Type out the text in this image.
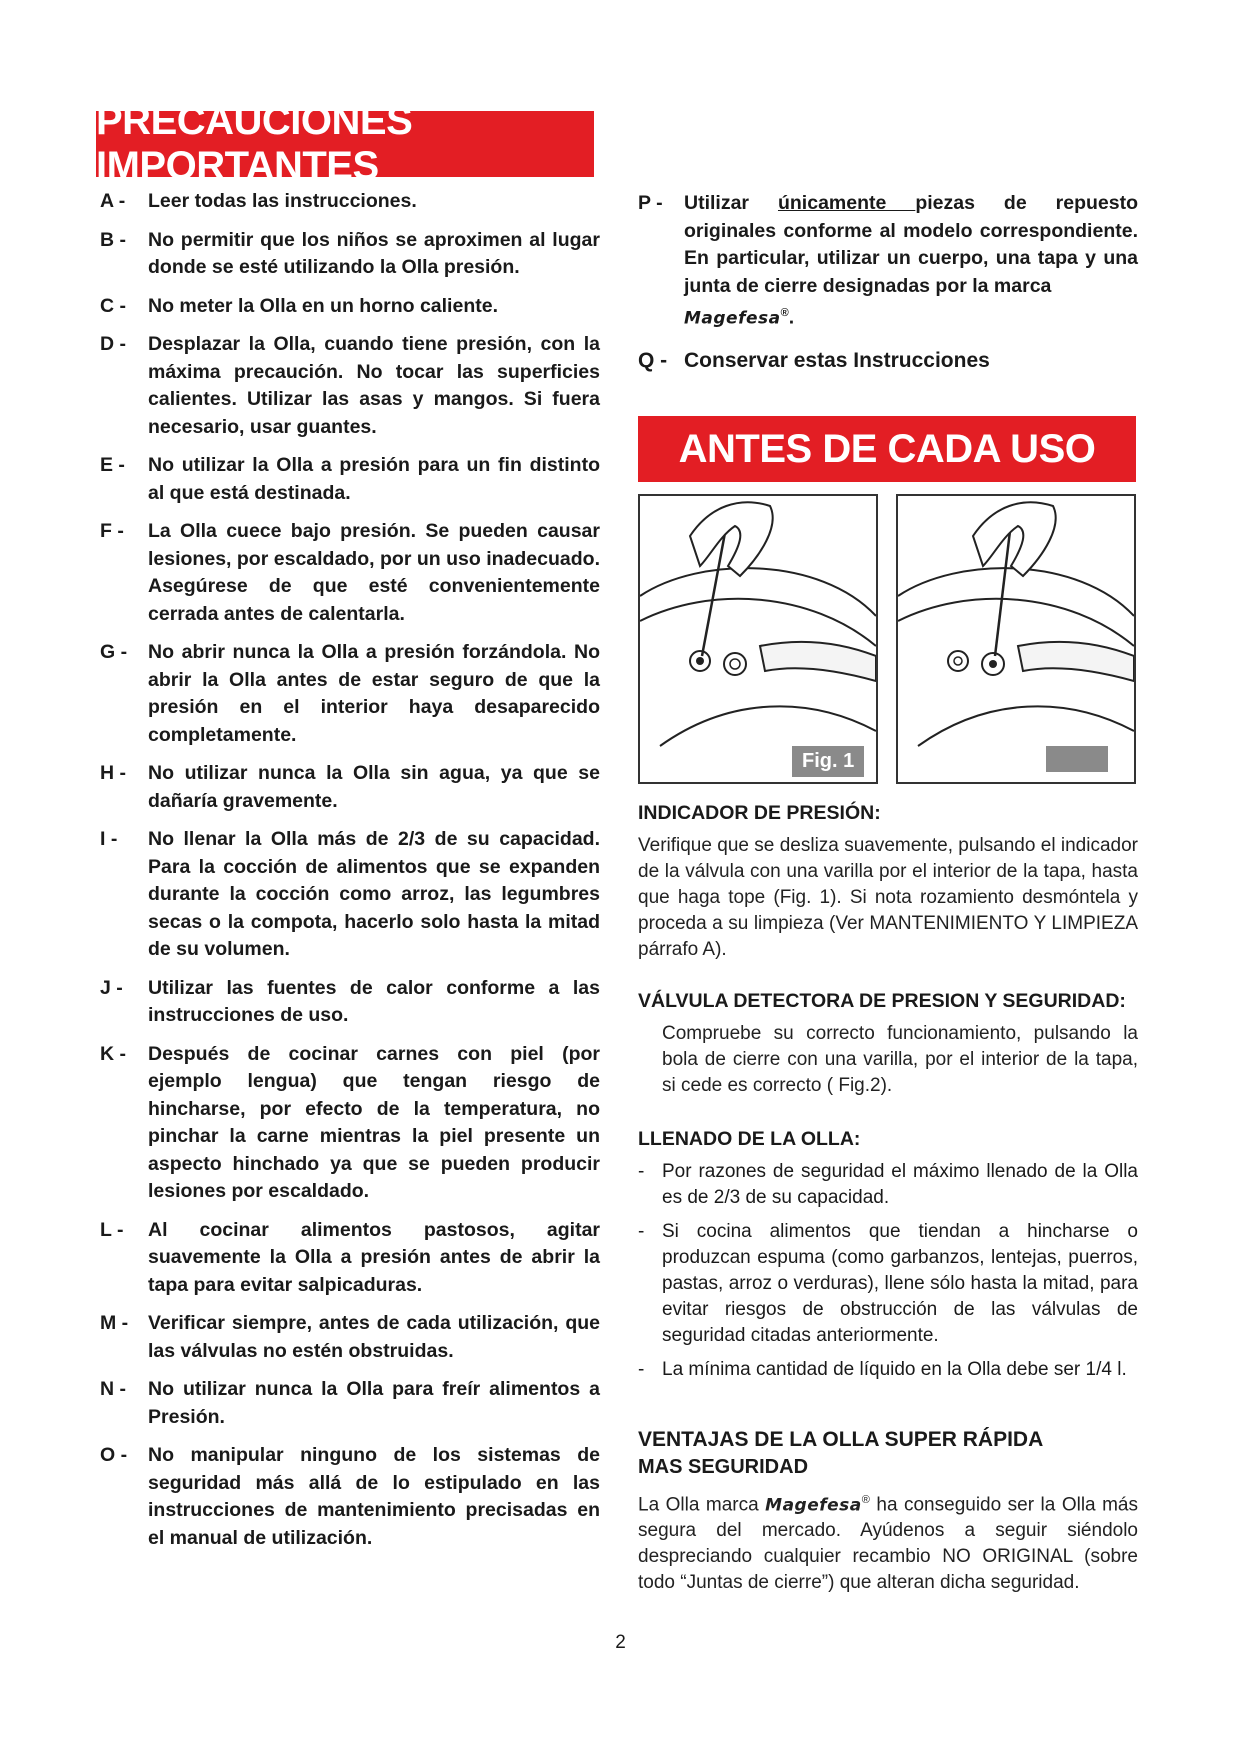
PRECAUCIONES IMPORTANTES
A -	Leer todas las instrucciones.
B -	No permitir que los niños se aproximen al lugar donde se esté utilizando la Olla presión.
C -	No meter la Olla en un horno caliente.
D -	Desplazar la Olla, cuando tiene presión, con la máxima precaución. No tocar las superficies calientes. Utilizar las asas y mangos. Si fuera necesario, usar guantes.
E -	No utilizar la Olla a presión para un fin distinto al que está destinada.
F -	La Olla cuece bajo presión. Se pueden causar lesiones, por escaldado, por un uso inadecuado. Asegúrese de que esté convenientemente cerrada antes de calentarla.
G -	No abrir nunca la Olla a presión forzándola. No abrir la Olla antes de estar seguro de que la presión en el interior haya desaparecido completamente.
H -	No utilizar nunca la Olla sin agua, ya que se dañaría gravemente.
I -	No llenar la Olla más de 2/3 de su capacidad. Para la cocción de alimentos que se expanden durante la cocción como arroz, las legumbres secas o la compota, hacerlo solo hasta la mitad de su volumen.
J -	Utilizar las fuentes de calor conforme a las instrucciones de uso.
K -	Después de cocinar carnes con piel (por ejemplo lengua) que tengan riesgo de hincharse, por efecto de la temperatura, no pinchar la carne mientras la piel presente un aspecto hinchado ya que se pueden producir lesiones por escaldado.
L -	Al cocinar alimentos pastosos, agitar suavemente la Olla a presión antes de abrir la tapa para evitar salpicaduras.
M -	Verificar siempre, antes de cada utilización, que las válvulas no estén obstruidas.
N -	No utilizar nunca la Olla para freír alimentos a Presión.
O -	No manipular ninguno de los sistemas de seguridad más allá de lo estipulado en las instrucciones de mantenimiento precisadas en el manual de utilización.
P -	Utilizar únicamente piezas de repuesto originales conforme al modelo correspondiente. En particular, utilizar un cuerpo, una tapa y una junta de cierre designadas por la marca
Magefesa®.
Q - Conservar estas Instrucciones
ANTES DE CADA USO
Fig. 1
INDICADOR DE PRESIÓN:
Verifique que se desliza suavemente, pulsando el indicador de la válvula con una varilla por el interior de la tapa, hasta que haga tope (Fig. 1). Si nota rozamiento desmóntela y proceda a su limpieza (Ver MANTENIMIENTO Y LIMPIEZA párrafo A).
VÁLVULA DETECTORA DE PRESION Y SEGURIDAD:
Compruebe su correcto funcionamiento, pulsando la bola de cierre con una varilla, por el interior de la tapa, si cede es correcto ( Fig.2).
LLENADO DE LA OLLA:
- Por razones de seguridad el máximo llenado de la Olla es de 2/3 de su capacidad.
- Si cocina alimentos que tiendan a hincharse o produzcan espuma (como garbanzos, lentejas, puerros, pastas, arroz o verduras), llene sólo hasta la mitad, para evitar riesgos de obstrucción de las válvulas de seguridad citadas anteriormente.
- La mínima cantidad de líquido en la Olla debe ser 1/4 l.
VENTAJAS DE LA OLLA SUPER RÁPIDA
MAS SEGURIDAD
La Olla marca Magefesa® ha conseguido ser la Olla más segura del mercado. Ayúdenos a seguir siéndolo despreciando cualquier recambio NO ORIGINAL (sobre todo “Juntas de cierre”) que alteran dicha seguridad.
2
